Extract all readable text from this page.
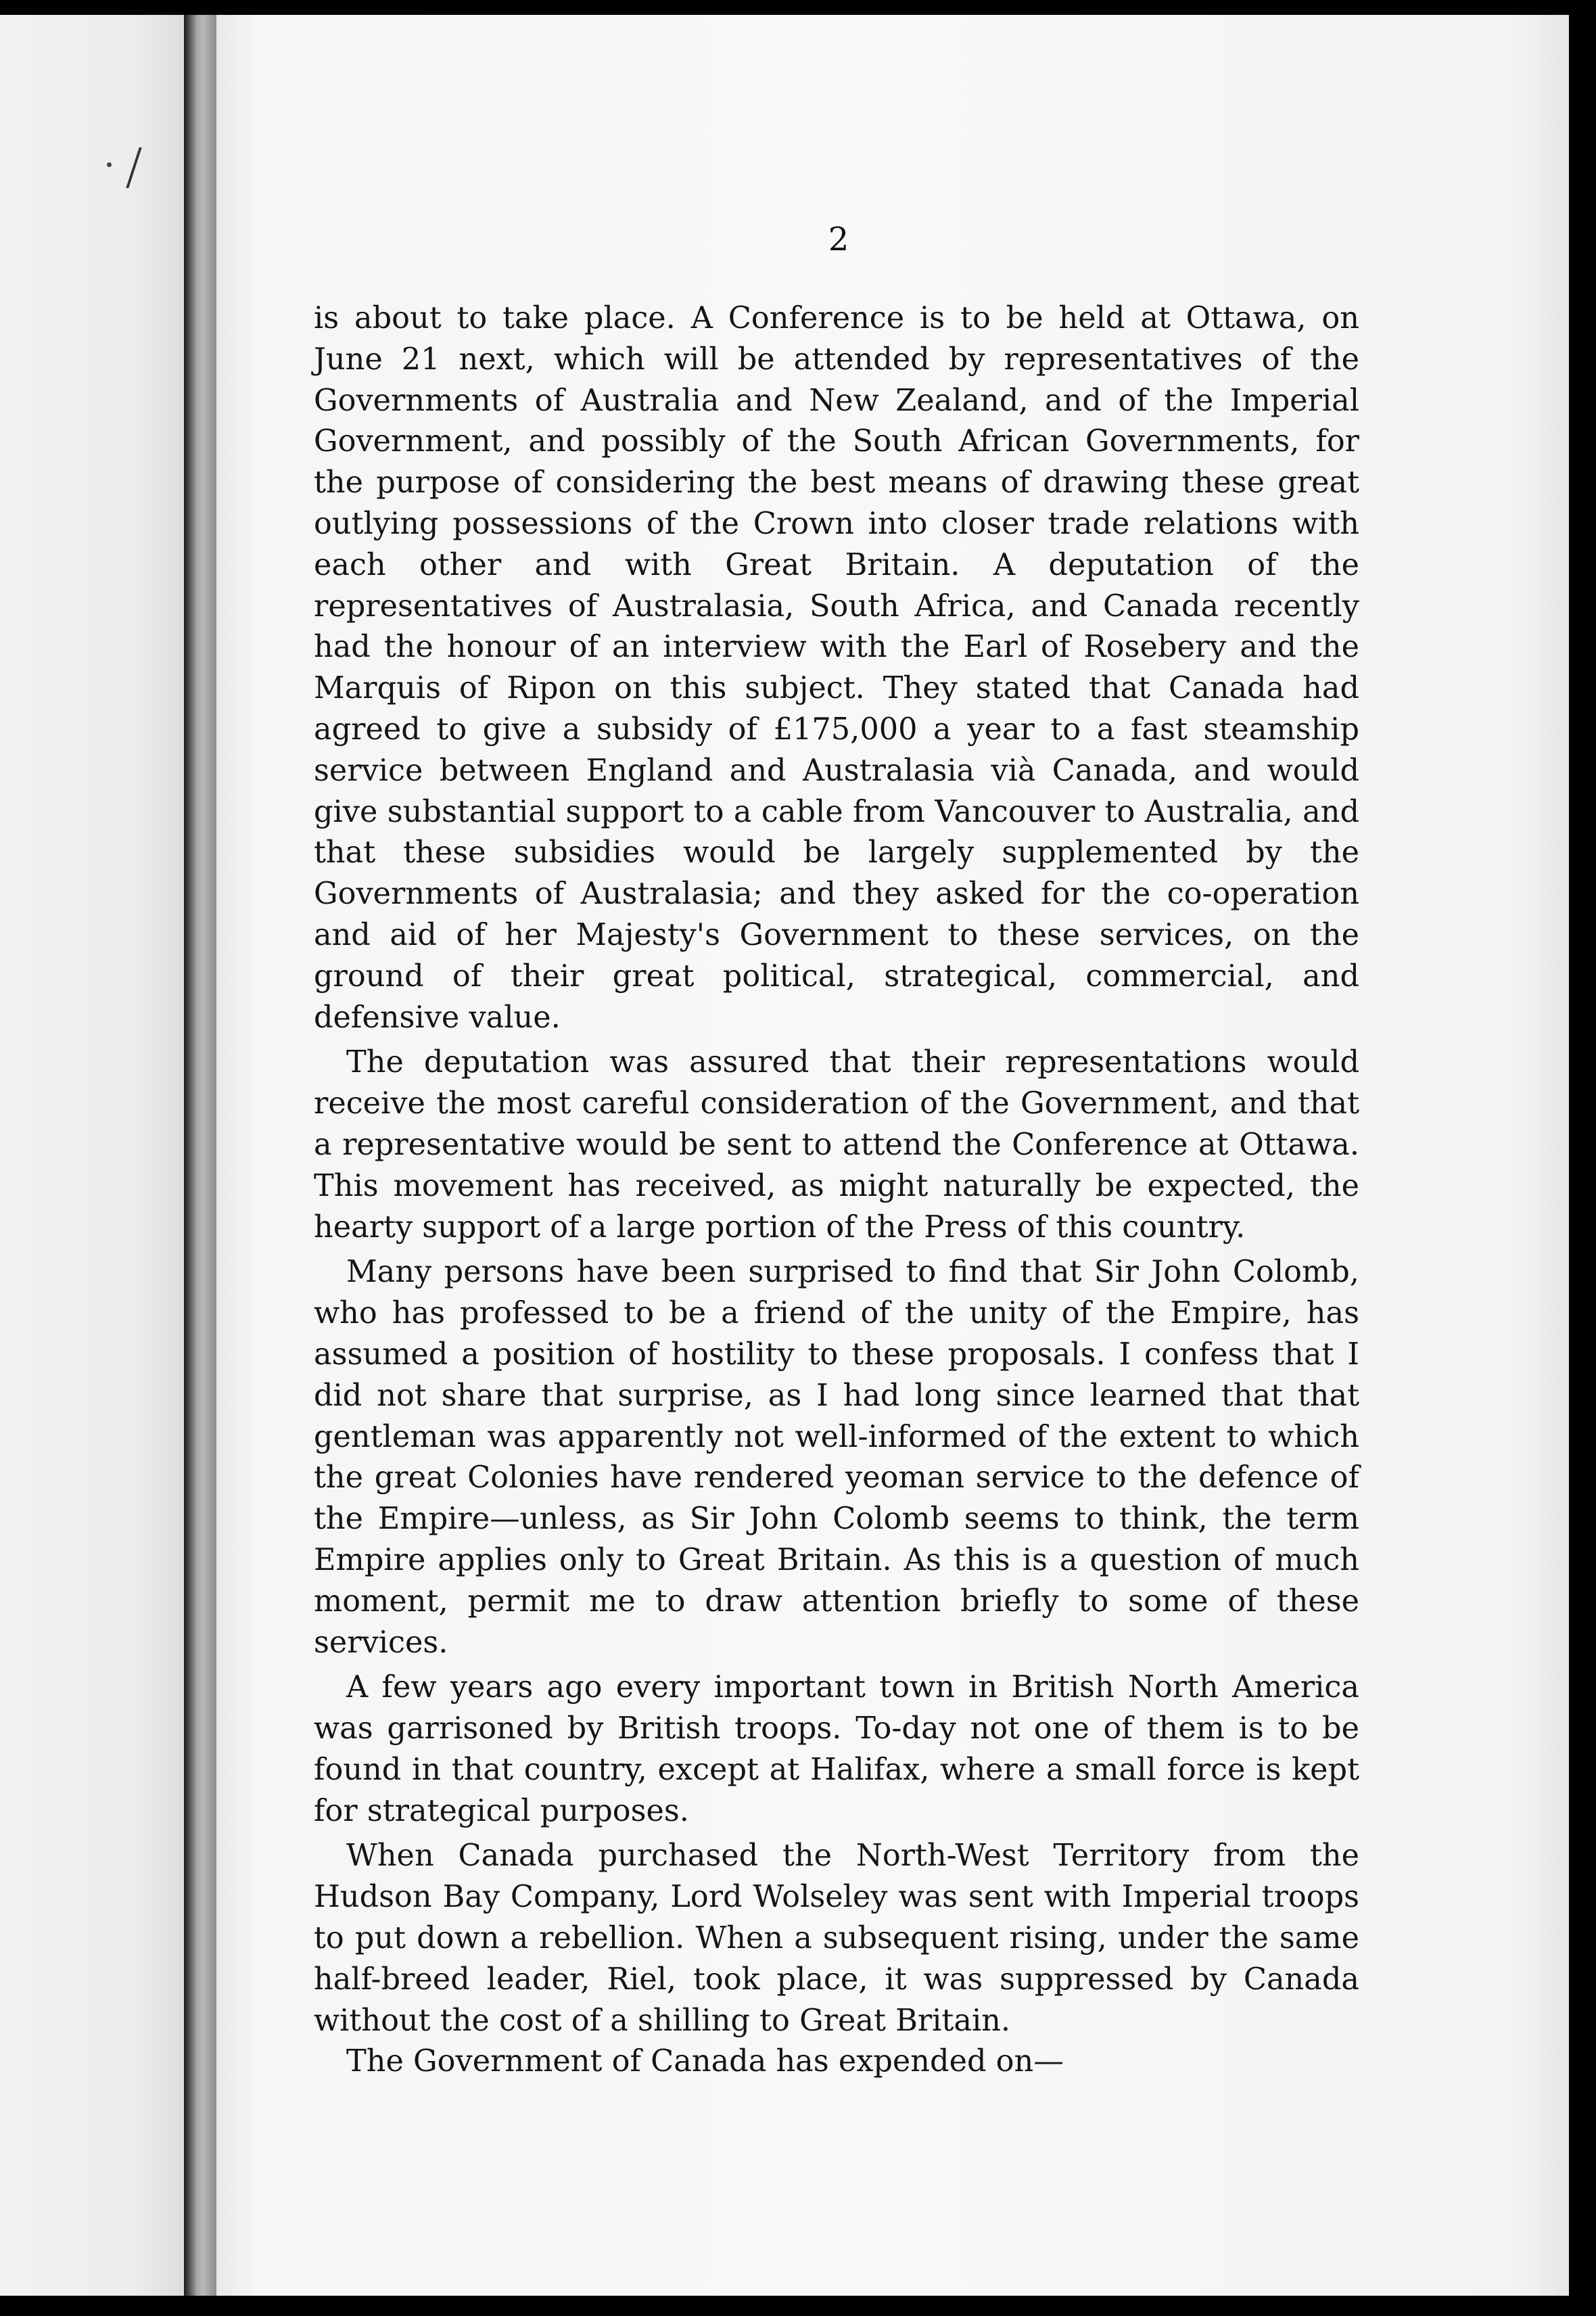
2

is about to take place. A Conference is to be held at Ottawa, on June 21 next, which will be attended by representatives of the Governments of Australia and New Zealand, and of the Imperial Government, and possibly of the South African Governments, for the purpose of considering the best means of drawing these great outlying possessions of the Crown into closer trade relations with each other and with Great Britain. A deputation of the representatives of Australasia, South Africa, and Canada recently had the honour of an interview with the Earl of Rosebery and the Marquis of Ripon on this subject. They stated that Canada had agreed to give a subsidy of £175,000 a year to a fast steamship service between England and Australasia vià Canada, and would give substantial support to a cable from Vancouver to Australia, and that these subsidies would be largely supplemented by the Governments of Australasia; and they asked for the co-operation and aid of her Majesty's Government to these services, on the ground of their great political, strategical, commercial, and defensive value.

The deputation was assured that their representations would receive the most careful consideration of the Government, and that a representative would be sent to attend the Conference at Ottawa. This movement has received, as might naturally be expected, the hearty support of a large portion of the Press of this country.

Many persons have been surprised to find that Sir John Colomb, who has professed to be a friend of the unity of the Empire, has assumed a position of hostility to these proposals. I confess that I did not share that surprise, as I had long since learned that that gentleman was apparently not well-informed of the extent to which the great Colonies have rendered yeoman service to the defence of the Empire—unless, as Sir John Colomb seems to think, the term Empire applies only to Great Britain. As this is a question of much moment, permit me to draw attention briefly to some of these services.

A few years ago every important town in British North America was garrisoned by British troops. To-day not one of them is to be found in that country, except at Halifax, where a small force is kept for strategical purposes.

When Canada purchased the North-West Territory from the Hudson Bay Company, Lord Wolseley was sent with Imperial troops to put down a rebellion. When a subsequent rising, under the same half-breed leader, Riel, took place, it was suppressed by Canada without the cost of a shilling to Great Britain.

The Government of Canada has expended on—
